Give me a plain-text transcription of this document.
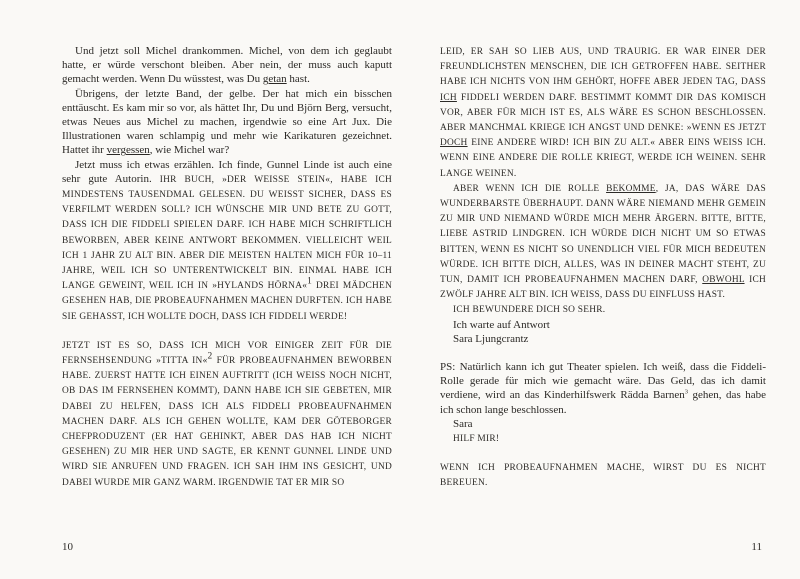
Und jetzt soll Michel drankommen. Michel, von dem ich geglaubt hatte, er würde verschont bleiben. Aber nein, der muss auch kaputt gemacht werden. Wenn Du wüsstest, was Du getan hast.

Übrigens, der letzte Band, der gelbe. Der hat mich ein bisschen enttäuscht. Es kam mir so vor, als hättet Ihr, Du und Björn Berg, versucht, etwas Neues aus Michel zu machen, irgendwie so eine Art Jux. Die Illustrationen waren schlampig und mehr wie Karikaturen gezeichnet. Hattet ihr vergessen, wie Michel war?

Jetzt muss ich etwas erzählen. Ich finde, Gunnel Linde ist auch eine sehr gute Autorin. IHR BUCH, »DER WEISSE STEIN«, HABE ICH MINDESTENS TAUSENDMAL GELESEN. DU WEISST SICHER, DASS ES VERFILMT WERDEN SOLL? ICH WÜNSCHE MIR UND BETE ZU GOTT, DASS ICH DIE FIDDELI SPIELEN DARF. ICH HABE MICH SCHRIFTLICH BEWORBEN, ABER KEINE ANTWORT BEKOMMEN. VIELLEICHT WEIL ICH 1 JAHR ZU ALT BIN. ABER DIE MEISTEN HALTEN MICH FÜR 10–11 JAHRE, WEIL ICH SO UNTERENTWICKELT BIN. EINMAL HABE ICH LANGE GEWEINT, WEIL ICH IN »HYLANDS HÖRNA«$^1$ DREI MÄDCHEN GESEHEN HAB, DIE PROBEAUFNAHMEN MACHEN DURFTEN. ICH HABE SIE GEHASST, ICH WOLLTE DOCH, DASS ICH FIDDELI WERDE!

JETZT IST ES SO, DASS ICH MICH VOR EINIGER ZEIT FÜR DIE FERNSEHSENDUNG »TITTA IN«$^2$ FÜR PROBEAUFNAHMEN BEWORBEN HABE. ZUERST HATTE ICH EINEN AUFTRITT (ICH WEISS NOCH NICHT, OB DAS IM FERNSEHEN KOMMT), DANN HABE ICH SIE GEBETEN, MIR DABEI ZU HELFEN, DASS ICH ALS FIDDELI PROBEAUFNAHMEN MACHEN DARF. ALS ICH GEHEN WOLLTE, KAM DER GÖTEBORGER CHEFPRODUZENT (ER HAT GEHINKT, ABER DAS HAB ICH NICHT GESEHEN) ZU MIR HER UND SAGTE, ER KENNT GUNNEL LINDE UND WIRD SIE ANRUFEN UND FRAGEN. ICH SAH IHM INS GESICHT, UND DABEI WURDE MIR GANZ WARM. IRGENDWIE TAT ER MIR SO

LEID, ER SAH SO LIEB AUS, UND TRAURIG. ER WAR EINER DER FREUNDLICHSTEN MENSCHEN, DIE ICH GETROFFEN HABE. SEITHER HABE ICH NICHTS VON IHM GEHÖRT, HOFFE ABER JEDEN TAG, DASS ICH FIDDELI WERDEN DARF. BESTIMMT KOMMT DIR DAS KOMISCH VOR, ABER FÜR MICH IST ES, ALS WÄRE ES SCHON BESCHLOSSEN. ABER MANCHMAL KRIEGE ICH ANGST UND DENKE: »WENN ES JETZT DOCH EINE ANDERE WIRD! ICH BIN ZU ALT.« ABER EINS WEISS ICH. WENN EINE ANDERE DIE ROLLE KRIEGT, WERDE ICH WEINEN. SEHR LANGE WEINEN.

ABER WENN ICH DIE ROLLE BEKOMME, JA, DAS WÄRE DAS WUNDERBARSTE ÜBERHAUPT. DANN WÄRE NIEMAND MEHR GEMEIN ZU MIR UND NIEMAND WÜRDE MICH MEHR ÄRGERN. BITTE, BITTE, LIEBE ASTRID LINDGREN. ICH WÜRDE DICH NICHT UM SO ETWAS BITTEN, WENN ES NICHT SO UNENDLICH VIEL FÜR MICH BEDEUTEN WÜRDE. ICH BITTE DICH, ALLES, WAS IN DEINER MACHT STEHT, ZU TUN, DAMIT ICH PROBEAUFNAHMEN MACHEN DARF, OBWOHL ICH ZWÖLF JAHRE ALT BIN. ICH WEISS, DASS DU EINFLUSS HAST.

ICH BEWUNDERE DICH SO SEHR.

Ich warte auf Antwort

Sara Ljungcrantz

PS: Natürlich kann ich gut Theater spielen. Ich weiß, dass die Fiddeli-Rolle gerade für mich wie gemacht wäre. Das Geld, das ich damit verdiene, wird an das Kinderhilfswerk Rädda Barnen$^3$ gehen, das habe ich schon lange beschlossen.

Sara

HILF MIR!

WENN ICH PROBEAUFNAHMEN MACHE, WIRST DU ES NICHT BEREUEN.

10	11
